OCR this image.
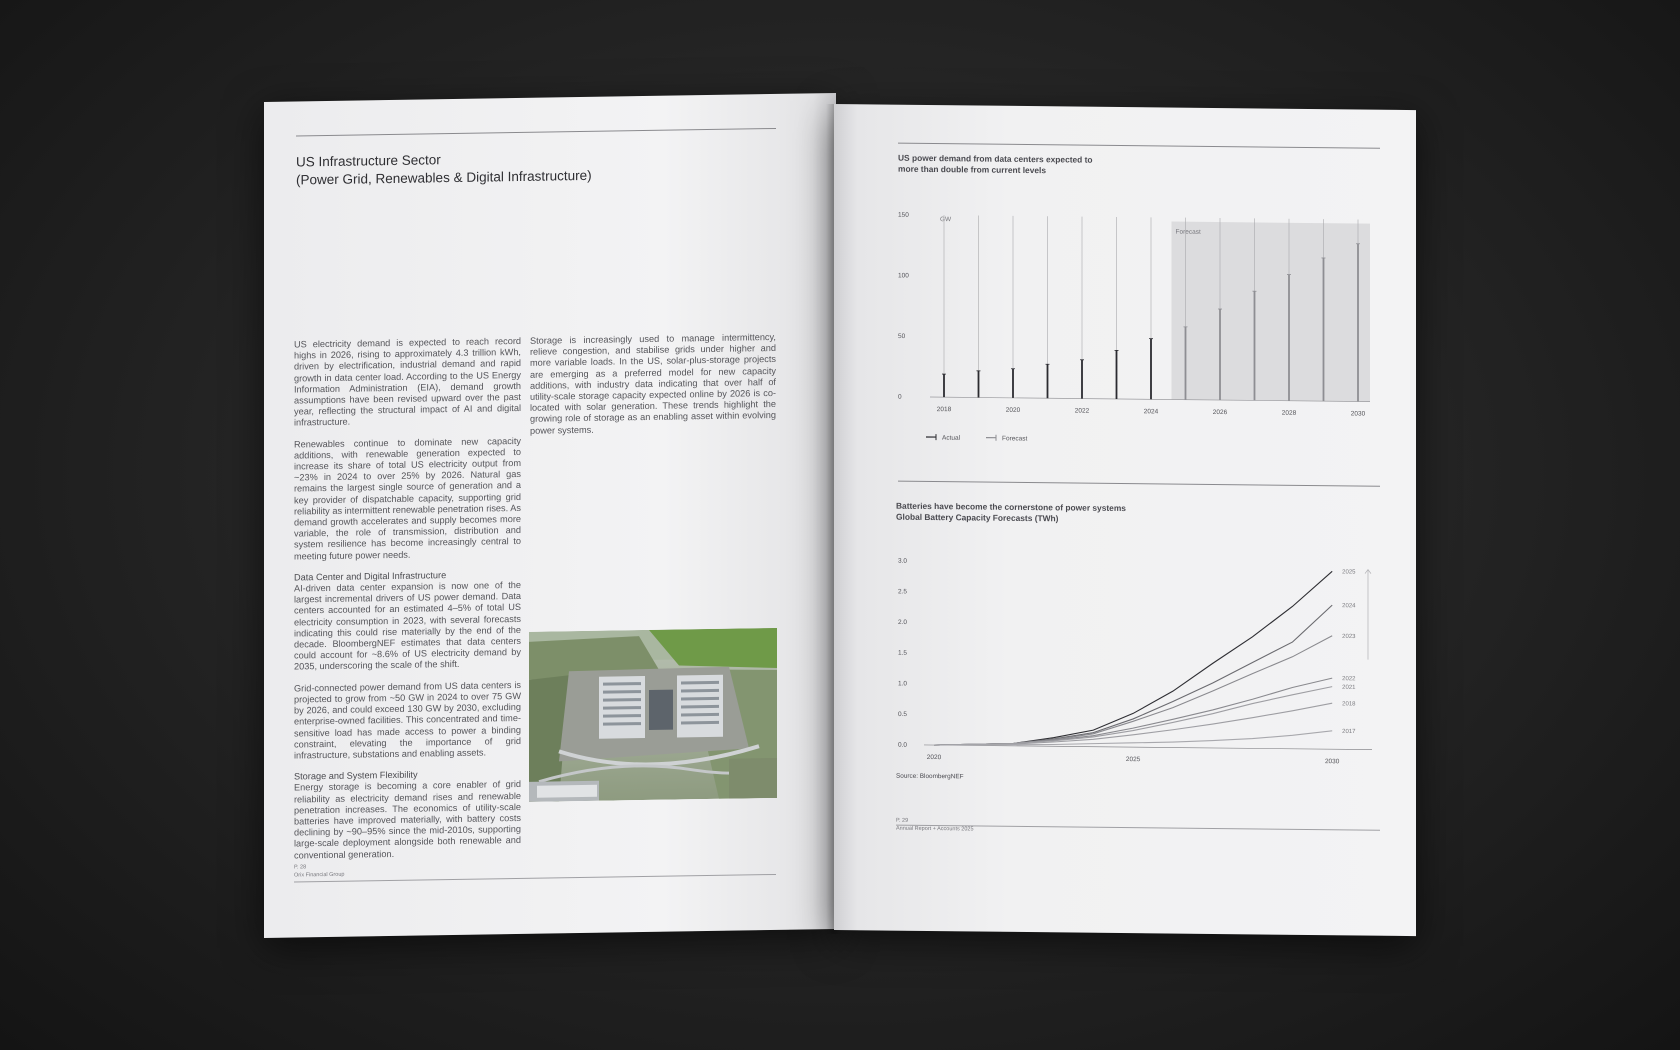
US Infrastructure Sector
(Power Grid, Renewables & Digital Infrastructure)

US electricity demand is expected to reach record highs in 2026, rising to approximately 4.3 trillion kWh, driven by electrification, industrial demand and rapid growth in data center load. According to the US Energy Information Administration (EIA), demand growth assumptions have been revised upward over the past year, reflecting the structural impact of AI and digital infrastructure.

Renewables continue to dominate new capacity additions, with renewable generation expected to increase its share of total US electricity output from ~23% in 2024 to over 25% by 2026. Natural gas remains the largest single source of generation and a key provider of dispatchable capacity, supporting grid reliability as intermittent renewable penetration rises. As demand growth accelerates and supply becomes more variable, the role of transmission, distribution and system resilience has become increasingly central to meeting future power needs.

Data Center and Digital Infrastructure

AI-driven data center expansion is now one of the largest incremental drivers of US power demand. Data centers accounted for an estimated 4–5% of total US electricity consumption in 2023, with several forecasts indicating this could rise materially by the end of the decade. BloombergNEF estimates that data centers could account for ~8.6% of US electricity demand by 2035, underscoring the scale of the shift.

Grid-connected power demand from US data centers is projected to grow from ~50 GW in 2024 to over 75 GW by 2026, and could exceed 130 GW by 2030, excluding enterprise-owned facilities. This concentrated and time-sensitive load has made access to power a binding constraint, elevating the importance of grid infrastructure, substations and enabling assets.

Storage and System Flexibility

Energy storage is becoming a core enabler of grid reliability as electricity demand rises and renewable penetration increases. The economics of utility-scale batteries have improved materially, with battery costs declining by ~90–95% since the mid-2010s, supporting large-scale deployment alongside both renewable and conventional generation.

Storage is increasingly used to manage intermittency, relieve congestion, and stabilise grids under higher and more variable loads. In the US, solar-plus-storage projects are emerging as a preferred model for new capacity additions, with industry data indicating that over half of utility-scale storage capacity expected online by 2026 is co-located with solar generation. These trends highlight the growing role of storage as an enabling asset within evolving power systems.

P. 28
Orix Financial Group
US power demand from data centers expected to
more than double from current levels
Forecast
GW
0
50
100
150
2018	2020	2022	2024	2026	2028	2030
Actual	Forecast
Batteries have become the cornerstone of power systems
Global Battery Capacity Forecasts (TWh)
0.0
0.5
1.0
1.5
2.0
2.5
3.0
2020	2025	2030
2025
2024
2023
2022
2021
2018
2017
Source: BloombergNEF
P. 29
Annual Report + Accounts 2025
